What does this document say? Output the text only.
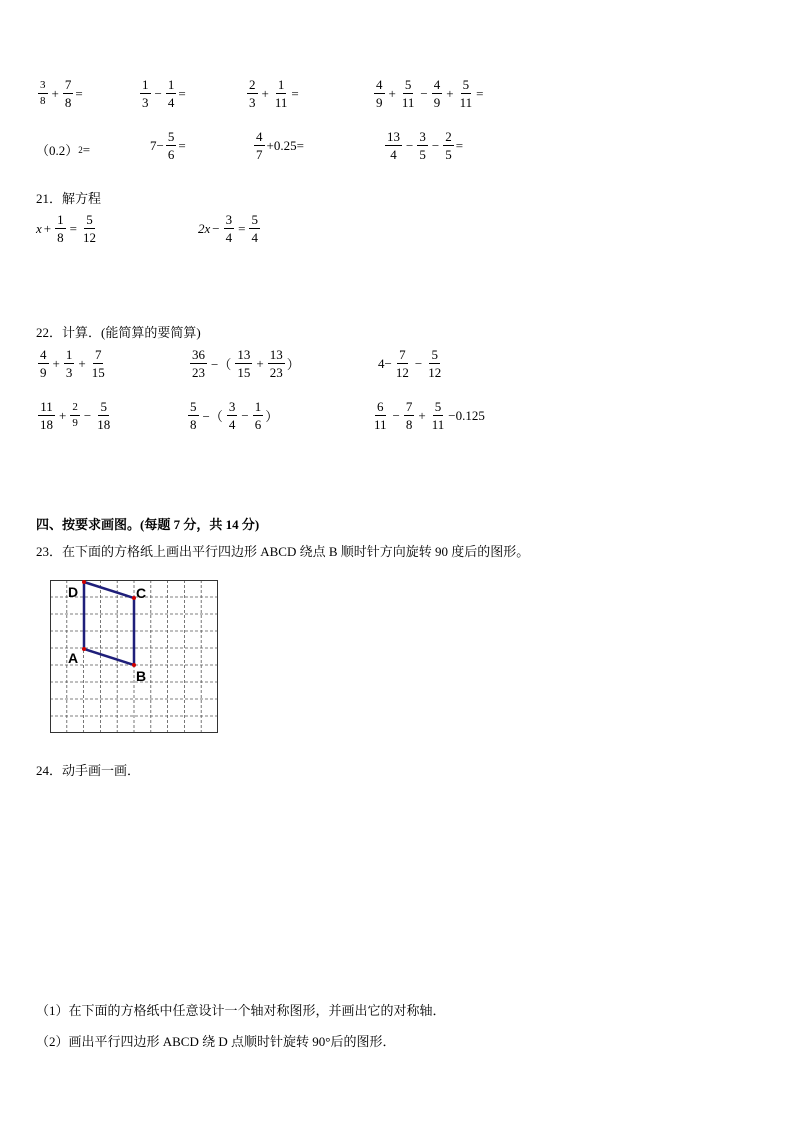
$\frac{3}{8} + \frac{7}{8}$ =	$\frac{1}{3} - \frac{1}{4}$ =	$\frac{2}{3} + \frac{1}{11}$ =	$\frac{4}{9} + \frac{5}{11} - \frac{4}{9} + \frac{5}{11}$ =
（0.2） 2 =	$7- \frac{5}{6}$ =	$\frac{4}{7} +0.25=$	$\frac{13}{4} - \frac{3}{5} - \frac{2}{5}$ =
21．解方程
$x + \frac{1}{8} = \frac{5}{12}$	$2x - \frac{3}{4} = \frac{5}{4}$
22．计算．(能简算的要简算)
$\frac{4}{9} + \frac{1}{3} + \frac{7}{15}$	$\frac{36}{23}$ −（ $\frac{13}{15} + \frac{13}{23}$ ）	$4- \frac{7}{12} - \frac{5}{12}$
$\frac{11}{18} + \frac{2}{9} - \frac{5}{18}$	$\frac{5}{8}$ −（ $\frac{3}{4} - \frac{1}{6}$ ）	$\frac{6}{11} - \frac{7}{8} + \frac{5}{11} -0.125$
四、按要求画图。(每题 7 分，共 14 分)
23．在下面的方格纸上画出平行四边形 ABCD 绕点 B 顺时针方向旋转 90 度后的图形。
D	C
A
B
24．动手画一画．
（1）在下面的方格纸中任意设计一个轴对称图形，并画出它的对称轴．
（2）画出平行四边形 ABCD 绕 D 点顺时针旋转 90°后的图形．
